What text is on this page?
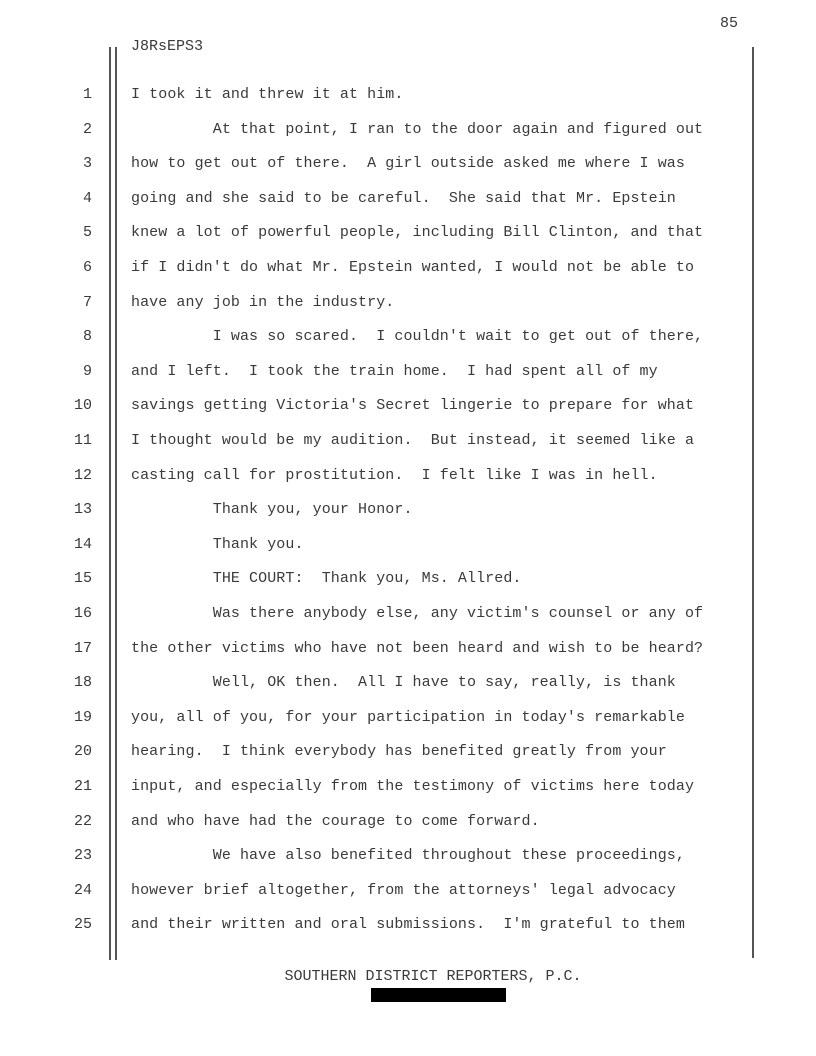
85
J8RsEPS3
1	I took it and threw it at him.
2	At that point, I ran to the door again and figured out
3	how to get out of there.  A girl outside asked me where I was
4	going and she said to be careful.  She said that Mr. Epstein
5	knew a lot of powerful people, including Bill Clinton, and that
6	if I didn't do what Mr. Epstein wanted, I would not be able to
7	have any job in the industry.
8	I was so scared.  I couldn't wait to get out of there,
9	and I left.  I took the train home.  I had spent all of my
10	savings getting Victoria's Secret lingerie to prepare for what
11	I thought would be my audition.  But instead, it seemed like a
12	casting call for prostitution.  I felt like I was in hell.
13	Thank you, your Honor.
14	Thank you.
15	THE COURT:  Thank you, Ms. Allred.
16	Was there anybody else, any victim's counsel or any of
17	the other victims who have not been heard and wish to be heard?
18	Well, OK then.  All I have to say, really, is thank
19	you, all of you, for your participation in today's remarkable
20	hearing.  I think everybody has benefited greatly from your
21	input, and especially from the testimony of victims here today
22	and who have had the courage to come forward.
23	We have also benefited throughout these proceedings,
24	however brief altogether, from the attorneys' legal advocacy
25	and their written and oral submissions.  I'm grateful to them
SOUTHERN DISTRICT REPORTERS, P.C.
